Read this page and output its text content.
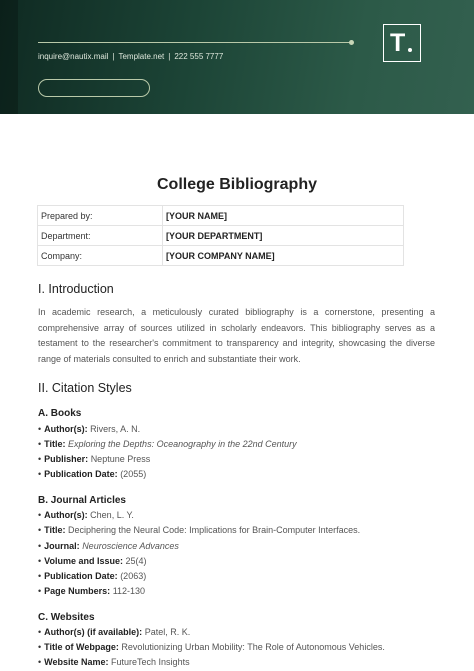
inquire@nautix.mail | Template.net | 222 555 7777	T
College Bibliography
Prepared by:	[YOUR NAME]
Department:	[YOUR DEPARTMENT]
Company:	[YOUR COMPANY NAME]
I. Introduction
In academic research, a meticulously curated bibliography is a cornerstone, presenting a comprehensive array of sources utilized in scholarly endeavors. This bibliography serves as a testament to the researcher's commitment to transparency and integrity, showcasing the diverse range of materials consulted to enrich and substantiate their work.
II. Citation Styles
A. Books
• Author(s): Rivers, A. N.
• Title: Exploring the Depths: Oceanography in the 22nd Century
• Publisher: Neptune Press
• Publication Date: (2055)
B. Journal Articles
• Author(s): Chen, L. Y.
• Title: Deciphering the Neural Code: Implications for Brain-Computer Interfaces.
• Journal: Neuroscience Advances
• Volume and Issue: 25(4)
• Publication Date: (2063)
• Page Numbers: 112-130
C. Websites
• Author(s) (if available): Patel, R. K.
• Title of Webpage: Revolutionizing Urban Mobility: The Role of Autonomous Vehicles.
• Website Name: FutureTech Insights
